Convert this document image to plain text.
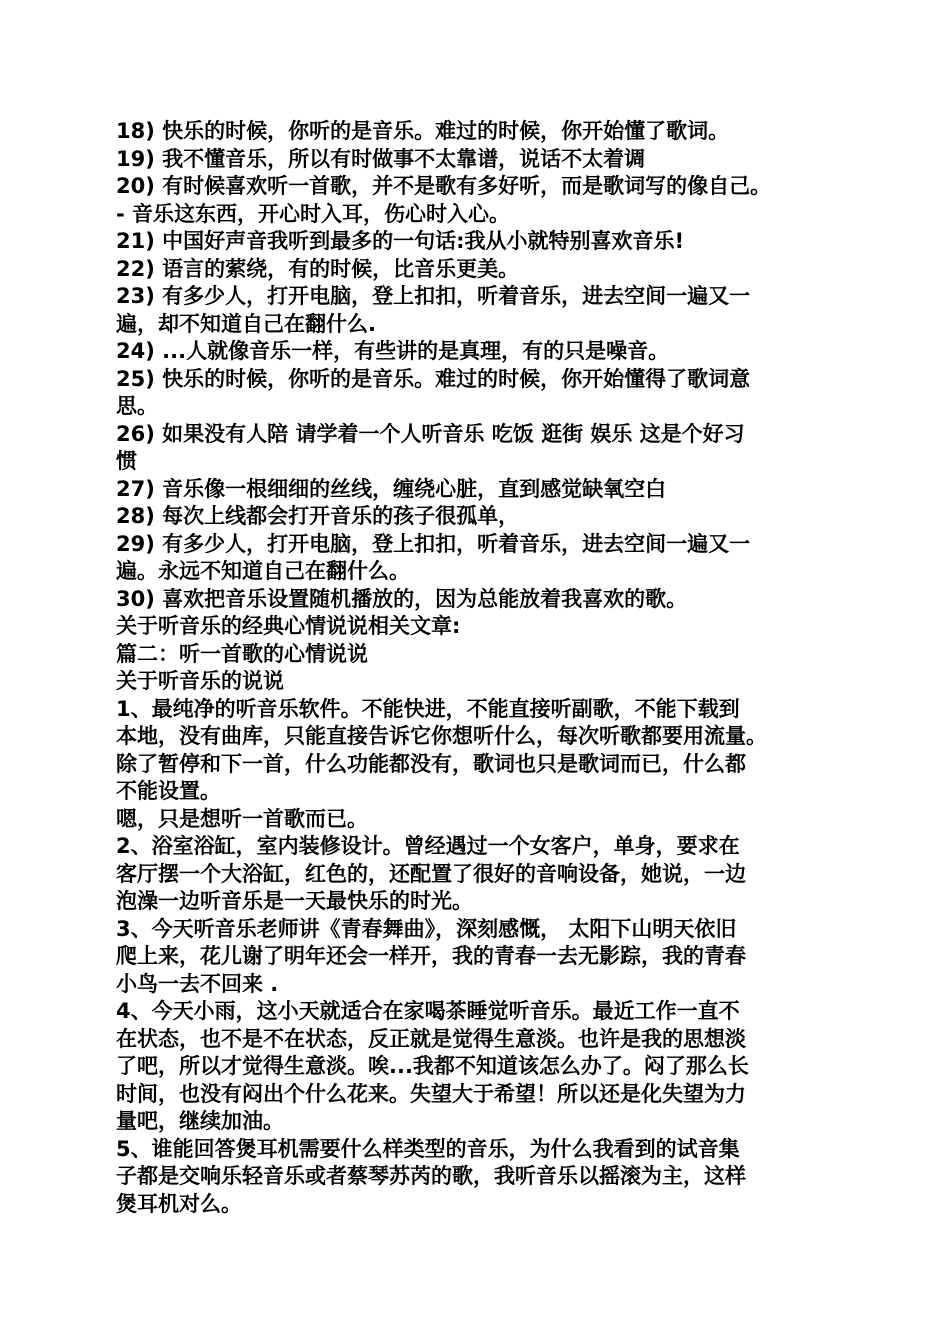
18) 快乐的时候，你听的是音乐。难过的时候，你开始懂了歌词。

19) 我不懂音乐，所以有时做事不太靠谱，说话不太着调

20) 有时候喜欢听一首歌，并不是歌有多好听，而是歌词写的像自己。

- 音乐这东西，开心时入耳，伤心时入心。

21) 中国好声音我听到最多的一句话:我从小就特别喜欢音乐!

22) 语言的萦绕，有的时候，比音乐更美。

23) 有多少人，打开电脑，登上扣扣，听着音乐，进去空间一遍又一

遍，却不知道自己在翻什么.

24) ...人就像音乐一样，有些讲的是真理，有的只是噪音。

25) 快乐的时候，你听的是音乐。难过的时候，你开始懂得了歌词意

思。

26) 如果没有人陪 请学着一个人听音乐 吃饭 逛街 娱乐 这是个好习

惯

27) 音乐像一根细细的丝线，缠绕心脏，直到感觉缺氧空白

28) 每次上线都会打开音乐的孩子很孤单，

29) 有多少人，打开电脑，登上扣扣，听着音乐，进去空间一遍又一

遍。永远不知道自己在翻什么。

30) 喜欢把音乐设置随机播放的，因为总能放着我喜欢的歌。

关于听音乐的经典心情说说相关文章:

篇二：听一首歌的心情说说

关于听音乐的说说

1、最纯净的听音乐软件。不能快进，不能直接听副歌，不能下载到

本地，没有曲库，只能直接告诉它你想听什么，每次听歌都要用流量。

除了暂停和下一首，什么功能都没有，歌词也只是歌词而已，什么都

不能设置。

嗯，只是想听一首歌而已。

2、浴室浴缸，室内装修设计。曾经遇过一个女客户，单身，要求在

客厅摆一个大浴缸，红色的，还配置了很好的音响设备，她说，一边

泡澡一边听音乐是一天最快乐的时光。

3、今天听音乐老师讲《青春舞曲》，深刻感慨， 太阳下山明天依旧

爬上来，花儿谢了明年还会一样开，我的青春一去无影踪，我的青春

小鸟一去不回来 .

4、今天小雨，这小天就适合在家喝茶睡觉听音乐。最近工作一直不

在状态，也不是不在状态，反正就是觉得生意淡。也许是我的思想淡

了吧，所以才觉得生意淡。唉...我都不知道该怎么办了。闷了那么长

时间，也没有闷出个什么花来。失望大于希望！所以还是化失望为力

量吧，继续加油。

5、谁能回答煲耳机需要什么样类型的音乐，为什么我看到的试音集

子都是交响乐轻音乐或者蔡琴苏芮的歌，我听音乐以摇滚为主，这样

煲耳机对么。
